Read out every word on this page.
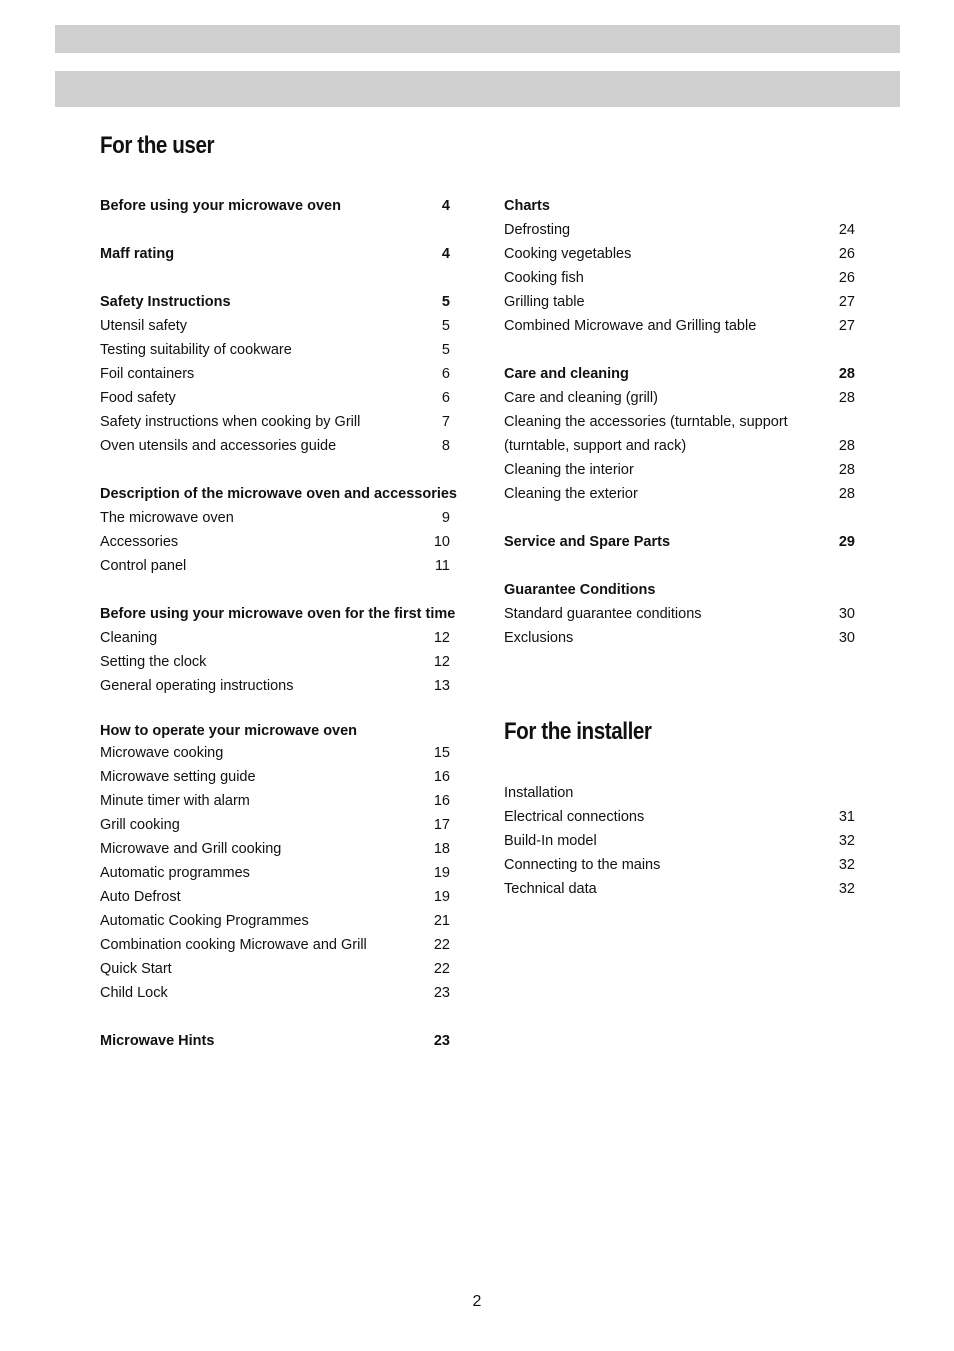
For the user
For the installer
Before using your microwave oven	4
Maff rating	4
Safety Instructions	5
Utensil safety	5
Testing suitability of cookware	5
Foil containers	6
Food safety	6
Safety instructions when cooking by Grill	7
Oven utensils and accessories guide	8
Description of the microwave oven and accessories
The microwave oven	9
Accessories	10
Control panel	11
Before using your microwave oven for the first time
Cleaning	12
Setting the clock	12
General operating instructions	13
How to operate your microwave oven
Microwave cooking	15
Microwave setting guide	16
Minute timer with alarm	16
Grill cooking	17
Microwave and Grill cooking	18
Automatic programmes	19
Auto Defrost	19
Automatic Cooking Programmes	21
Combination cooking Microwave and Grill	22
Quick Start	22
Child Lock	23
Microwave Hints	23
Charts
Defrosting	24
Cooking vegetables	26
Cooking fish	26
Grilling table	27
Combined Microwave and Grilling table	27
Care and cleaning	28
Care and cleaning (grill)	28
Cleaning the accessories (turntable, support
(turntable, support and rack)	28
Cleaning the interior	28
Cleaning the exterior	28
Service and Spare Parts	29
Guarantee Conditions
Standard guarantee conditions	30
Exclusions	30
Installation
Electrical connections	31
Build-In model	32
Connecting to the mains	32
Technical data	32
2
